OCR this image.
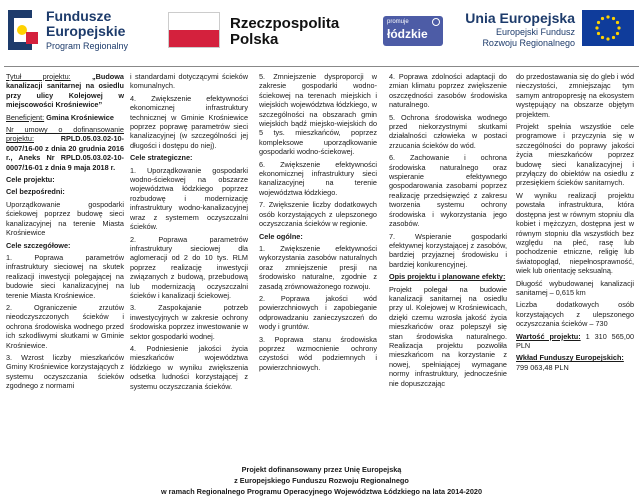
Fundusze
Europejskie
Program Regionalny
Rzeczpospolita
Polska
promuje
łódzkie
Unia Europejska
Europejski Fundusz
Rozwoju Regionalnego

Tytuł projektu: „Budowa kanalizacji sanitarnej na osiedlu przy ulicy Kolejowej w miejscowości Krośniewice”

Beneficjent: Gmina Krośniewice

Nr umowy o dofinansowanie projektu: RPLD.05.03.02-10-0007/16-00 z dnia 20 grudnia 2016 r., Aneks Nr RPLD.05.03.02-10-0007/16-01 z dnia 9 maja 2018 r.

Cele projektu:

Cel bezpośredni:

Uporządkowanie gospodarki ściekowej poprzez budowę sieci kanalizacyjnej na terenie Miasta Krośniewice

Cele szczegółowe:

1. Poprawa parametrów infrastruktury sieciowej na skutek realizacji inwestycji polegającej na budowie sieci kanalizacyjnej na terenie Miasta Krośniewice.

2. Ograniczenie zrzutów nieodczyszczonych ścieków i ochrona środowiska wodnego przed ich szkodliwymi skutkami w Gminie Krośniewice.

3. Wzrost liczby mieszkańców Gminy Krośniewice korzystających z systemu oczyszczania ścieków zgodnego z normami

i standardami dotyczącymi ścieków komunalnych.

4. Zwiększenie efektywności ekonomicznej infrastruktury technicznej w Gminie Krośniewice poprzez poprawę parametrów sieci kanalizacyjnej (w szczególności jej długości i dostępu do niej).

Cele strategiczne:

1. Uporządkowanie gospodarki wodno-ściekowej na obszarze województwa łódzkiego poprzez rozbudowę i modernizację infrastruktury wodno-kanalizacyjnej wraz z systemem oczyszczalni ścieków.

2. Poprawa parametrów infrastruktury sieciowej dla aglomeracji od 2 do 10 tys. RLM poprzez realizację inwestycji związanych z budową, przebudową lub modernizacją oczyszczalni ścieków i kanalizacji ściekowej.

3. Zaspokajanie potrzeb inwestycyjnych w zakresie ochrony środowiska poprzez inwestowanie w sektor gospodarki wodnej.

4. Podniesienie jakości życia mieszkańców województwa łódzkiego w wyniku zwiększenia odsetka ludności korzystającej z systemu oczyszczania ścieków.

5. Zmniejszenie dysproporcji w zakresie gospodarki wodno-ściekowej na terenach miejskich i wiejskich województwa łódzkiego, w szczególności na obszarach gmin wiejskich bądź miejsko-wiejskich do 5 tys. mieszkańców, poprzez kompleksowe uporządkowanie gospodarki wodno-ściekowej.

6. Zwiększenie efektywności ekonomicznej infrastruktury sieci kanalizacyjnej na terenie województwa łódzkiego.

7. Zwiększenie liczby dodatkowych osób korzystających z ulepszonego oczyszczania ścieków w regionie.

Cele ogólne:

1. Zwiększenie efektywności wykorzystania zasobów naturalnych oraz zmniejszenie presji na środowisko naturalne, zgodnie z zasadą zrównoważonego rozwoju.

2. Poprawa jakości wód powierzchniowych i zapobieganie odprowadzaniu zanieczyszczeń do wody i gruntów.

3. Poprawa stanu środowiska poprzez wzmocnienie ochrony czystości wód podziemnych i powierzchniowych.

4. Poprawa zdolności adaptacji do zmian klimatu poprzez zwiększenie oszczędności zasobów środowiska naturalnego.

5. Ochrona środowiska wodnego przed niekorzystnymi skutkami działalności człowieka w postaci zrzucania ścieków do wód.

6. Zachowanie i ochrona środowiska naturalnego oraz wspieranie efektywnego gospodarowania zasobami poprzez realizację przedsięwzięć z zakresu tworzenia systemu ochrony środowiska i wykorzystania jego zasobów.

7. Wspieranie gospodarki efektywnej korzystającej z zasobów, bardziej przyjaznej środowisku i bardziej konkurencyjnej.

Opis projektu i planowane efekty:

Projekt polegał na budowie kanalizacji sanitarnej na osiedlu przy ul. Kolejowej w Krośniewicach, dzięki czemu wzrosła jakość życia mieszkańców oraz polepszył się stan środowiska naturalnego. Realizacja projektu pozwoliła mieszkańcom na korzystanie z nowej, spełniającej wymagane normy infrastruktury, jednocześnie nie dopuszczając

do przedostawania się do gleb i wód nieczystości, zmniejszając tym samym antropopresję na ekosystem występujący na obszarze objętym projektem.

Projekt spełnia wszystkie cele programowe i przyczynia się w szczególności do poprawy jakości życia mieszkańców poprzez budowę sieci kanalizacyjnej i przyłączy do obiektów na osiedlu z przesiękiem ścieków sanitarnych.

W wyniku realizacji projektu powstała infrastruktura, która dostępna jest w równym stopniu dla kobiet i mężczyzn, dostępna jest w równym stopniu dla wszystkich bez względu na płeć, rasę lub pochodzenie etniczne, religię lub światopogląd, niepełnosprawność, wiek lub orientację seksualną.

Długość wybudowanej kanalizacji sanitarnej – 0,615 km

Liczba dodatkowych osób korzystających z ulepszonego oczyszczania ścieków – 730

Wartość projektu: 1 310 565,00 PLN

Wkład Funduszy Europejskich:
799 063,48 PLN

Projekt dofinansowany przez Unię Europejską
z Europejskiego Funduszu Rozwoju Regionalnego
w ramach Regionalnego Programu Operacyjnego Województwa Łódzkiego na lata 2014-2020
